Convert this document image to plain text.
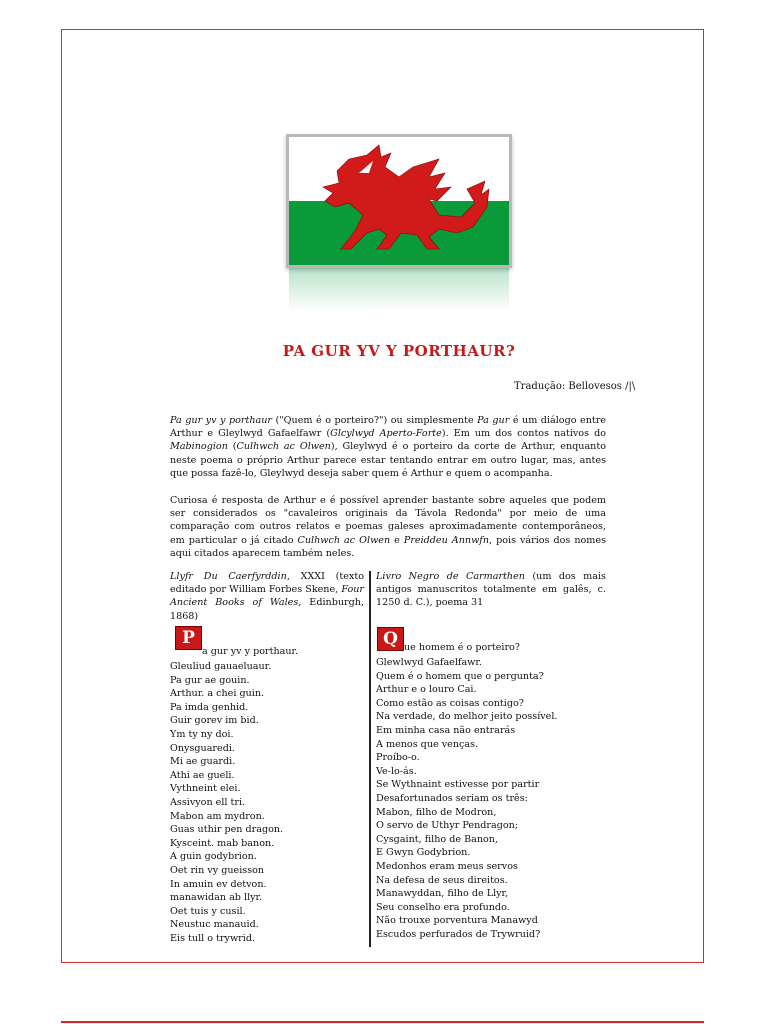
PA GUR YV Y PORTHAUR?
Tradução: Bellovesos /|\

Pa gur yv y porthaur ("Quem é o porteiro?") ou simplesmente Pa gur é um diálogo entre Arthur e Gleylwyd Gafaelfawr (Glcylwyd Aperto-Forte). Em um dos contos nativos do Mabinogion (Culhwch ac Olwen), Gleylwyd é o porteiro da corte de Arthur, enquanto neste poema o próprio Arthur parece estar tentando entrar em outro lugar, mas, antes que possa fazê-lo, Gleylwyd deseja saber quem é Arthur e quem o acompanha.

Curiosa é resposta de Arthur e é possível aprender bastante sobre aqueles que podem ser considerados os "cavaleiros originais da Távola Redonda" por meio de uma comparação com outros relatos e poemas galeses aproximadamente contemporâneos, em particular o já citado Culhwch ac Olwen e Preiddeu Annwfn, pois vários dos nomes aqui citados aparecem também neles.

Llyfr Du Caerfyrddin, XXXI (texto editado por William Forbes Skene, Four Ancient Books of Wales, Edinburgh, 1868)

Livro Negro de Carmarthen (um dos mais antigos manuscritos totalmente em galês, c. 1250 d. C.), poema 31

P
a gur yv y porthaur.
Gleuliud gauaeluaur.
Pa gur ae gouin.
Arthur. a chei guin.
Pa imda genhid.
Guir gorev im bid.
Ym ty ny doi.
Onysguaredi.
Mi ae guardi.
Athi ae gueli.
Vythneint elei.
Assivyon ell tri.
Mabon am mydron.
Guas uthir pen dragon.
Kysceint. mab banon.
A guin godybrion.
Oet rin vy gueisson
In amuin ev detvon.
manawidan ab llyr.
Oet tuis y cusil.
Neustuc manauid.
Eis tull o trywrid.
Q ue homem é o porteiro?
Glewlwyd Gafaelfawr.
Quem é o homem que o pergunta?
Arthur e o louro Cai.
Como estão as coisas contigo?
Na verdade, do melhor jeito possível.
Em minha casa não entrarás
A menos que venças.
Proíbo-o.
Ve-lo-ás.
Se Wythnaint estivesse por partir
Desafortunados seriam os três:
Mabon, filho de Modron,
O servo de Uthyr Pendragon;
Cysgaint, filho de Banon,
E Gwyn Godybrion.
Medonhos eram meus servos
Na defesa de seus direitos.
Manawyddan, filho de Llyr,
Seu conselho era profundo.
Não trouxe porventura Manawyd
Escudos perfurados de Trywruid?
